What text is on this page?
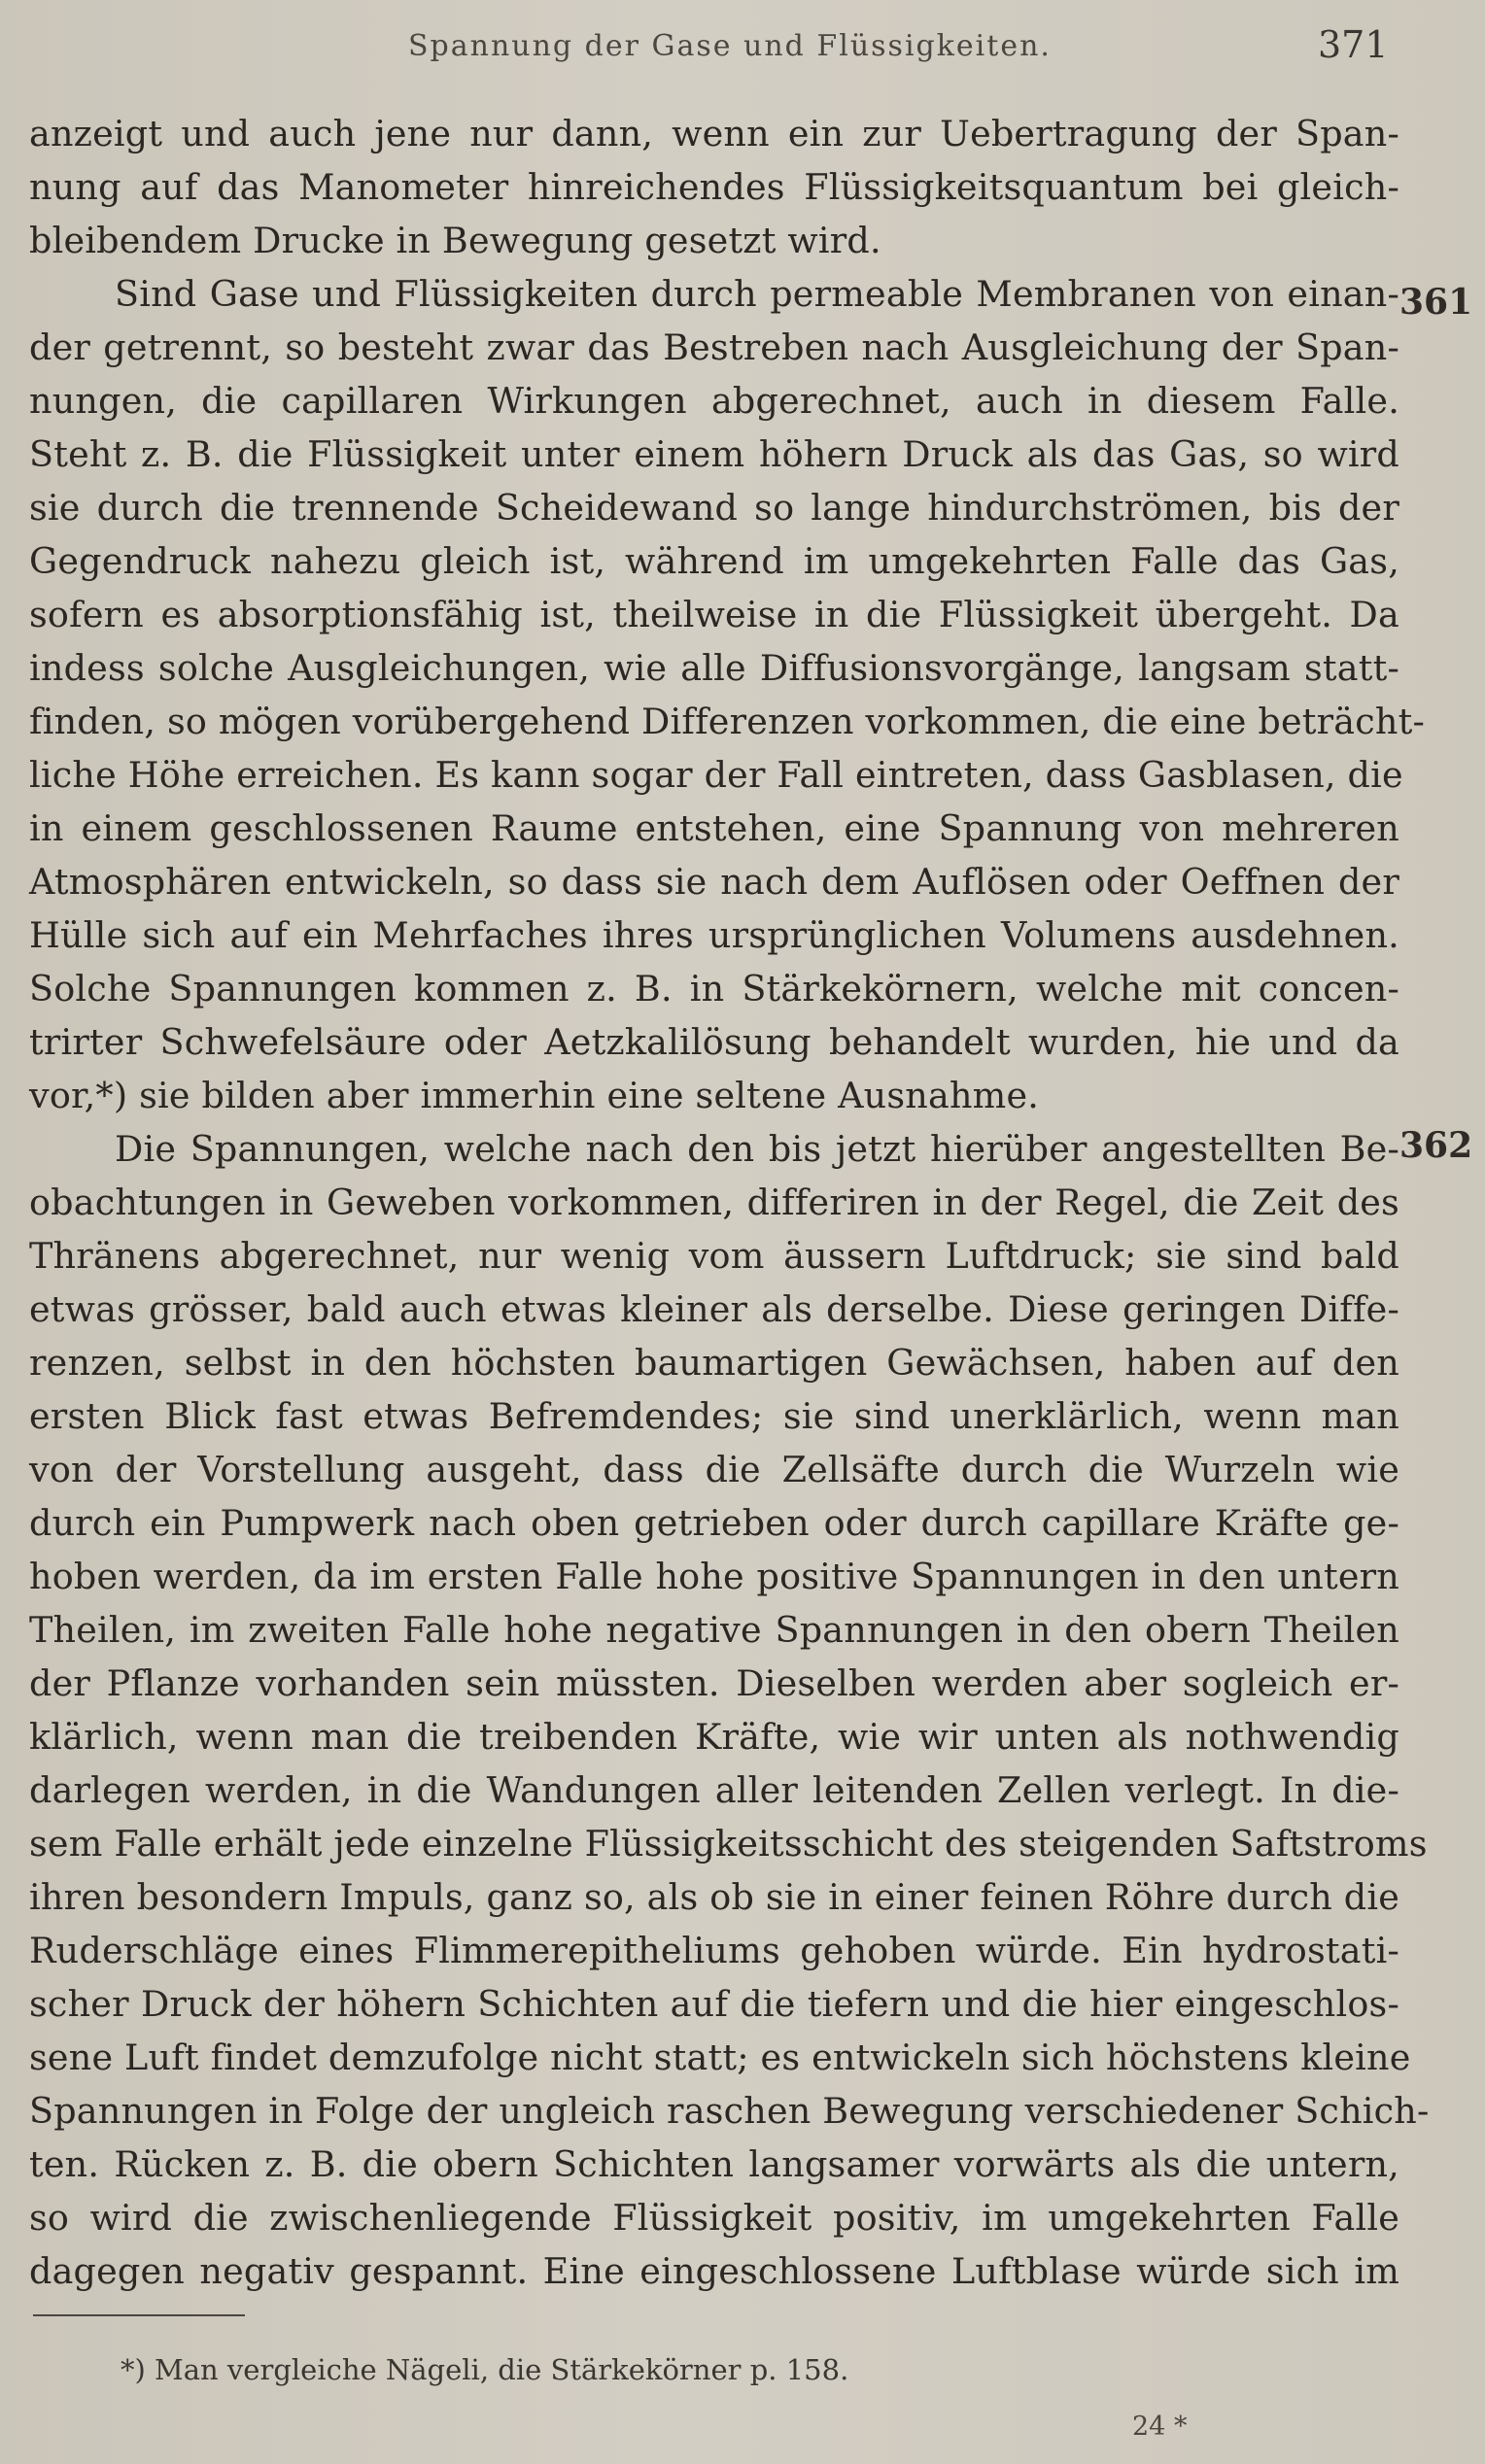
Spannung der Gase und Flüssigkeiten.	371
361
362
anzeigt und auch jene nur dann, wenn ein zur Uebertragung der Span-
nung auf das Manometer hinreichendes Flüssigkeitsquantum bei gleich-
bleibendem Drucke in Bewegung gesetzt wird.
Sind Gase und Flüssigkeiten durch permeable Membranen von einan-
der getrennt, so besteht zwar das Bestreben nach Ausgleichung der Span-
nungen, die capillaren Wirkungen abgerechnet, auch in diesem Falle.
Steht z. B. die Flüssigkeit unter einem höhern Druck als das Gas, so wird
sie durch die trennende Scheidewand so lange hindurchströmen, bis der
Gegendruck nahezu gleich ist, während im umgekehrten Falle das Gas,
sofern es absorptionsfähig ist, theilweise in die Flüssigkeit übergeht. Da
indess solche Ausgleichungen, wie alle Diffusionsvorgänge, langsam statt-
finden, so mögen vorübergehend Differenzen vorkommen, die eine beträcht-
liche Höhe erreichen. Es kann sogar der Fall eintreten, dass Gasblasen, die
in einem geschlossenen Raume entstehen, eine Spannung von mehreren
Atmosphären entwickeln, so dass sie nach dem Auflösen oder Oeffnen der
Hülle sich auf ein Mehrfaches ihres ursprünglichen Volumens ausdehnen.
Solche Spannungen kommen z. B. in Stärkekörnern, welche mit concen-
trirter Schwefelsäure oder Aetzkalilösung behandelt wurden, hie und da
vor,*) sie bilden aber immerhin eine seltene Ausnahme.
Die Spannungen, welche nach den bis jetzt hierüber angestellten Be-
obachtungen in Geweben vorkommen, differiren in der Regel, die Zeit des
Thränens abgerechnet, nur wenig vom äussern Luftdruck; sie sind bald
etwas grösser, bald auch etwas kleiner als derselbe. Diese geringen Diffe-
renzen, selbst in den höchsten baumartigen Gewächsen, haben auf den
ersten Blick fast etwas Befremdendes; sie sind unerklärlich, wenn man
von der Vorstellung ausgeht, dass die Zellsäfte durch die Wurzeln wie
durch ein Pumpwerk nach oben getrieben oder durch capillare Kräfte ge-
hoben werden, da im ersten Falle hohe positive Spannungen in den untern
Theilen, im zweiten Falle hohe negative Spannungen in den obern Theilen
der Pflanze vorhanden sein müssten. Dieselben werden aber sogleich er-
klärlich, wenn man die treibenden Kräfte, wie wir unten als nothwendig
darlegen werden, in die Wandungen aller leitenden Zellen verlegt. In die-
sem Falle erhält jede einzelne Flüssigkeitsschicht des steigenden Saftstroms
ihren besondern Impuls, ganz so, als ob sie in einer feinen Röhre durch die
Ruderschläge eines Flimmerepitheliums gehoben würde. Ein hydrostati-
scher Druck der höhern Schichten auf die tiefern und die hier eingeschlos-
sene Luft findet demzufolge nicht statt; es entwickeln sich höchstens kleine
Spannungen in Folge der ungleich raschen Bewegung verschiedener Schich-
ten. Rücken z. B. die obern Schichten langsamer vorwärts als die untern,
so wird die zwischenliegende Flüssigkeit positiv, im umgekehrten Falle
dagegen negativ gespannt. Eine eingeschlossene Luftblase würde sich im
*) Man vergleiche Nägeli, die Stärkekörner p. 158.
24 *
